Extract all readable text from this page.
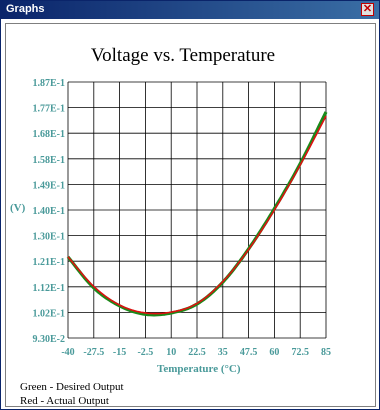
Graphs	✕
Voltage vs. Temperature
-40 -27.5 -15 -2.5 10 22.5 35 47.5 60 72.5 85
9.30E-2
1.02E-1
1.12E-1
1.21E-1
1.30E-1
1.40E-1
1.49E-1
1.58E-1
1.68E-1
1.77E-1
1.87E-1
(V)
Temperature (°C)
Green - Desired Output
Red - Actual Output
